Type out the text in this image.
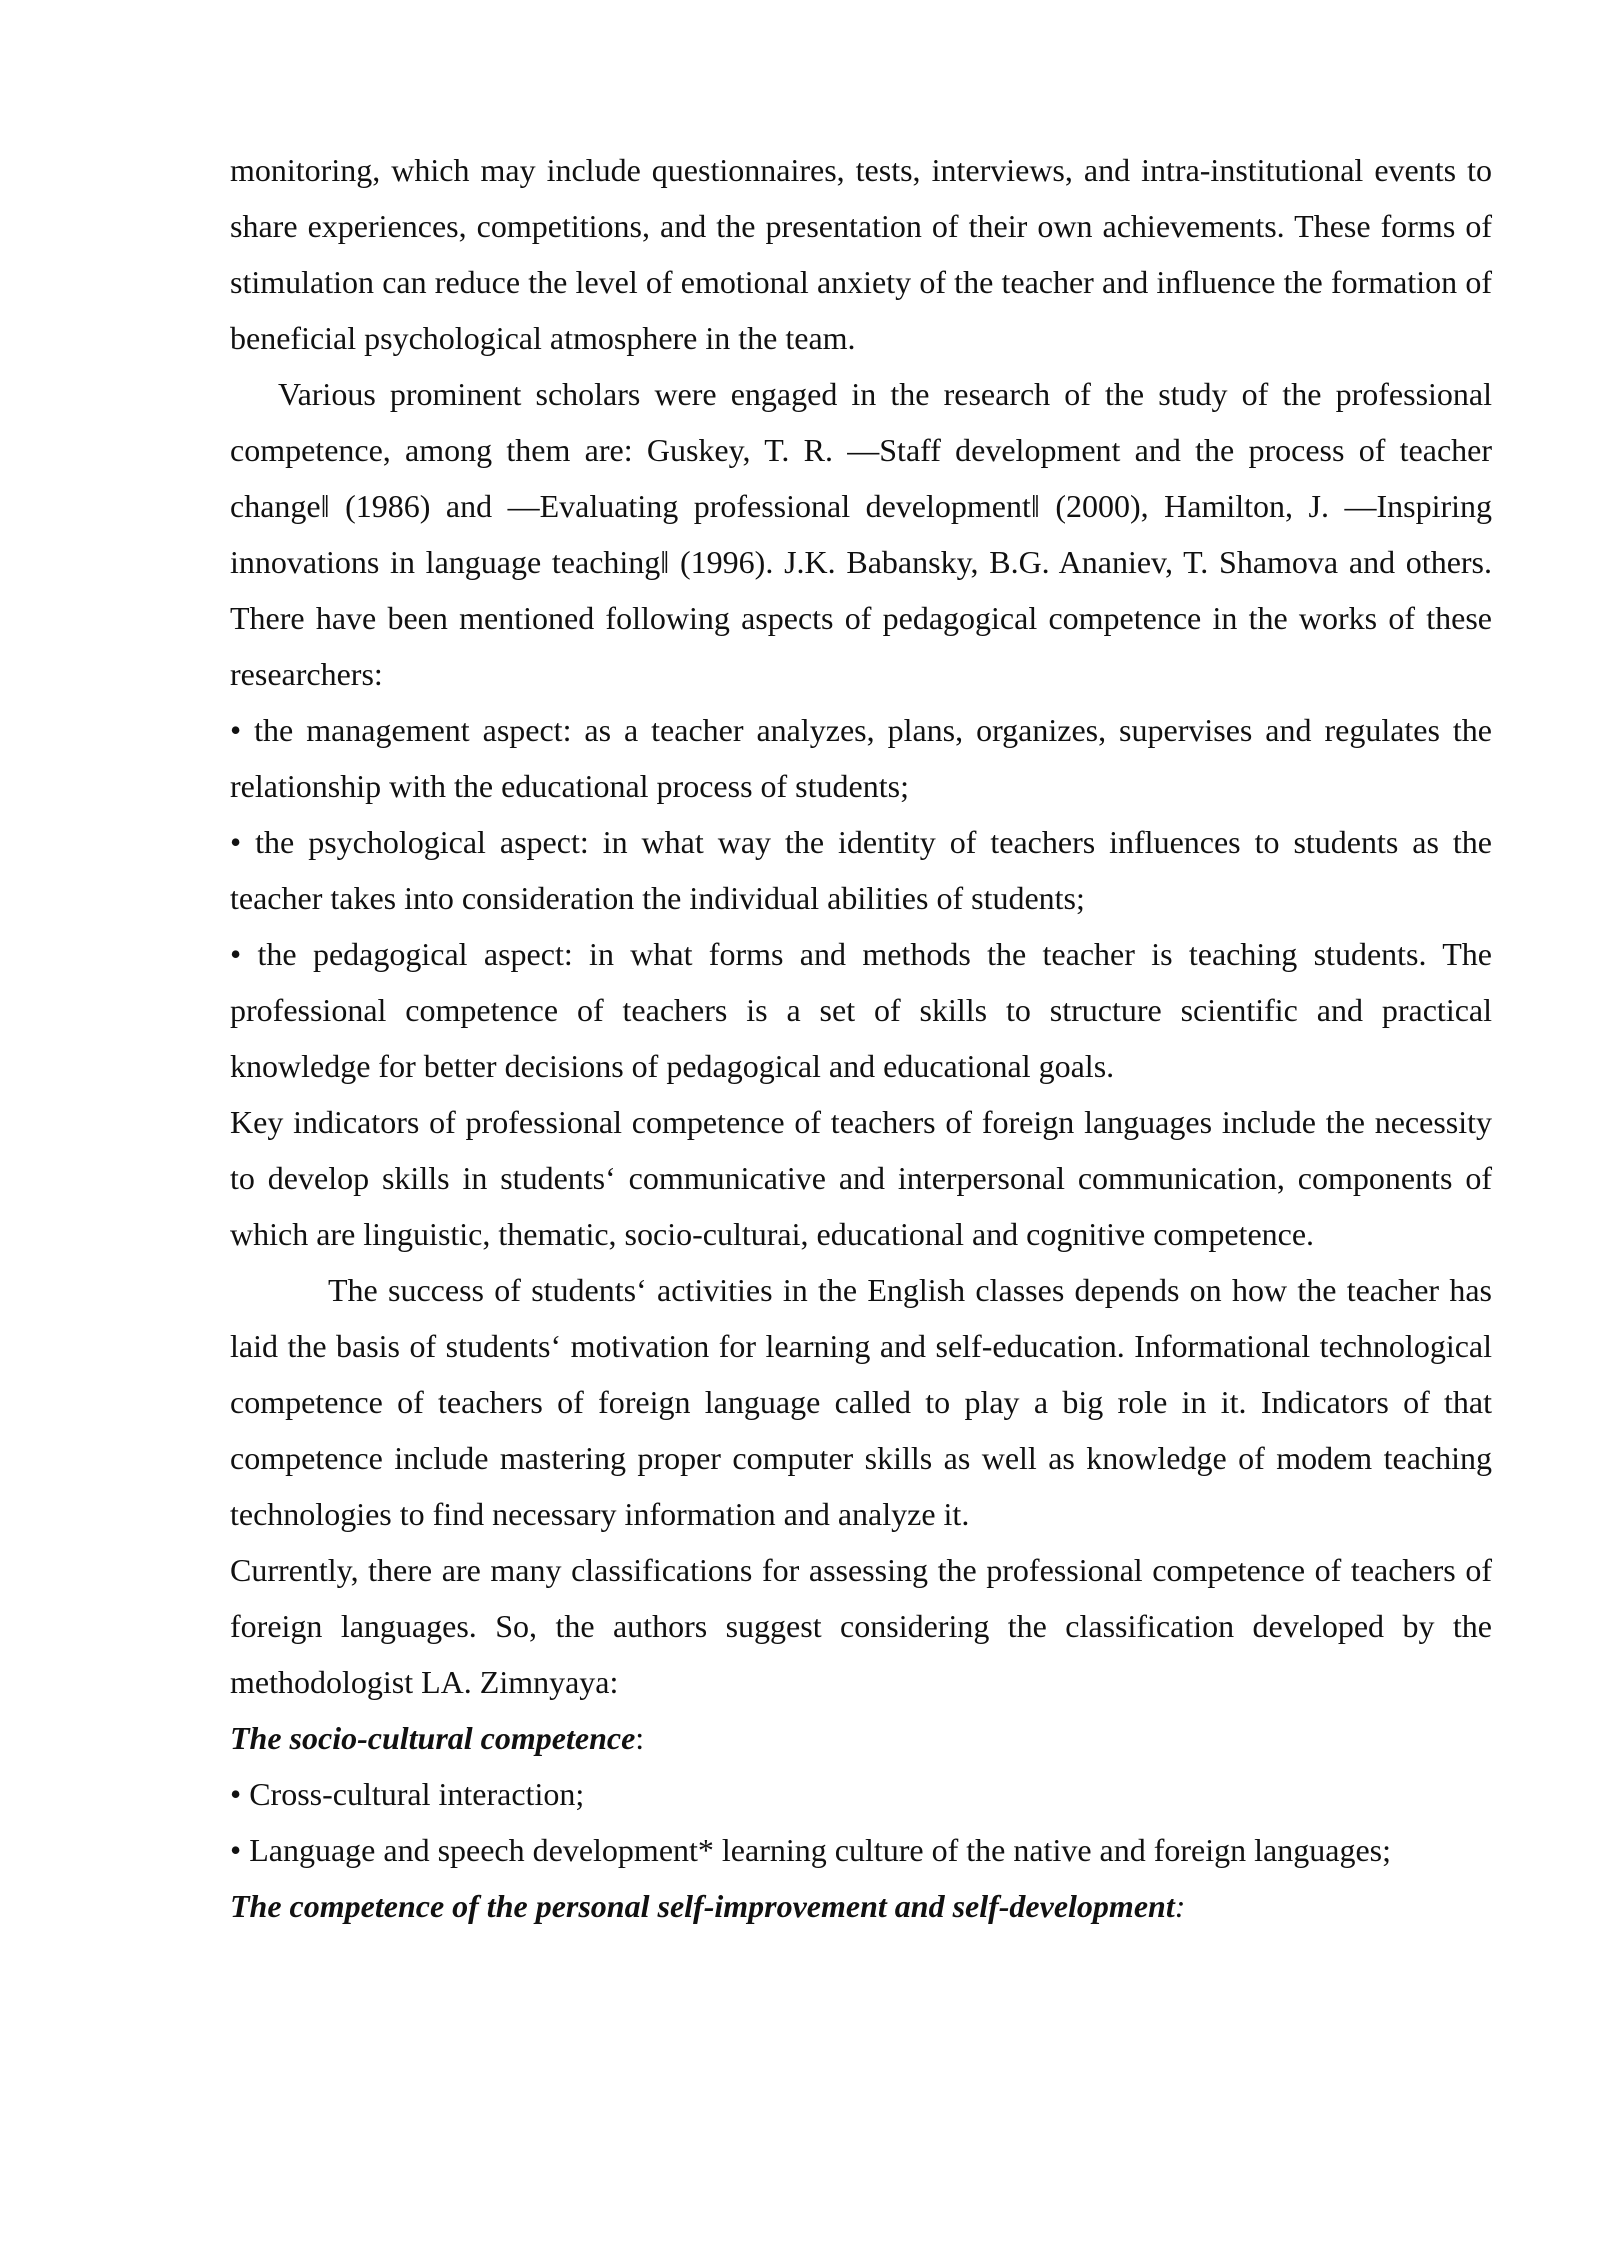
monitoring, which may include questionnaires, tests, interviews, and intra-institutional events to share experiences, competitions, and the presentation of their own achievements. These forms of stimulation can reduce the level of emotional anxiety of the teacher and influence the formation of beneficial psychological atmosphere in the team.

Various prominent scholars were engaged in the research of the study of the professional competence, among them are: Guskey, T. R. ―Staff development and the process of teacher change‖ (1986) and ―Evaluating professional development‖ (2000), Hamilton, J. ―Inspiring innovations in language teaching‖ (1996). J.K. Babansky, B.G. Ananiev, T. Shamova and others. There have been mentioned following aspects of pedagogical competence in the works of these researchers:

• the management aspect: as a teacher analyzes, plans, organizes, supervises and regulates the relationship with the educational process of students;

• the psychological aspect: in what way the identity of teachers influences to students as the teacher takes into consideration the individual abilities of students;

• the pedagogical aspect: in what forms and methods the teacher is teaching students. The professional competence of teachers is a set of skills to structure scientific and practical knowledge for better decisions of pedagogical and educational goals.

Key indicators of professional competence of teachers of foreign languages include the necessity to develop skills in students‘ communicative and interpersonal communication, components of which are linguistic, thematic, socio-culturai, educational and cognitive competence.

The success of students‘ activities in the English classes depends on how the teacher has laid the basis of students‘ motivation for learning and self-education. Informational technological competence of teachers of foreign language called to play a big role in it. Indicators of that competence include mastering proper computer skills as well as knowledge of modem teaching technologies to find necessary information and analyze it.

Currently, there are many classifications for assessing the professional competence of teachers of foreign languages. So, the authors suggest considering the classification developed by the methodologist LA. Zimnyaya:

The socio-cultural competence:

• Cross-cultural interaction;

• Language and speech development* learning culture of the native and foreign languages;

The competence of the personal self-improvement and self-development:
